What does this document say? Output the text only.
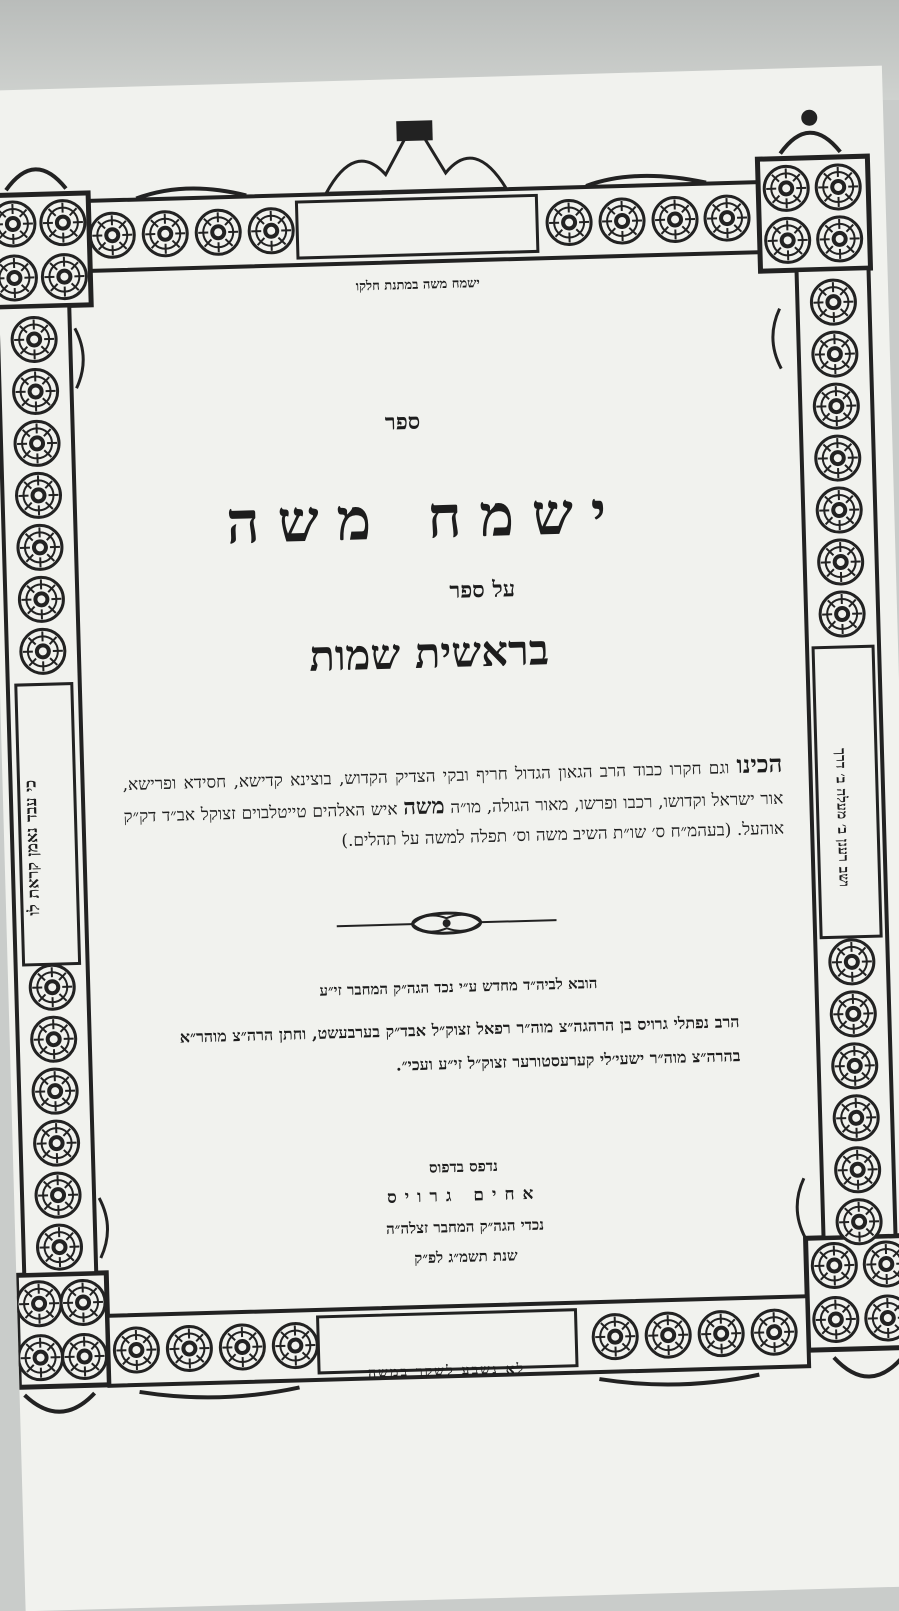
ישמח משה במתנת חלקו
לא נשבע לשקר במשה
כי עבד נאמן קראת לו	ושב רענן ב׳ מעלה ב׳ דרך
ספר
ישמח משה
על ספר
בראשית שמות
הכינו וגם חקרו כבוד הרב הגאון הגדול חריף ובקי הצדיק הקדוש, בוצינא קדישא, חסידא ופרישא, אור ישראל וקדושו, רכבו ופרשו, מאור הגולה, מו״ה משה איש האלהים טייטלבוים זצוקל אב״ד דק״ק אוהעל. (בעהמ״ח ס׳ שו״ת השיב משה וס׳ תפלה למשה על תהלים.)
הובא לביה״ד מחדש ע״י נכד הגה״ק המחבר זי״ע
הרב נפתלי גרויס בן הרהגה״צ מוה״ר רפאל זצוק״ל אבד״ק בערבעשט, וחתן הרה״צ מוהר״א בהרה״צ מוה״ר ישעי׳לי קערעסטורער זצוק״ל זי״ע ועכי״.
נדפס בדפוס
אחים גרויס
נכדי הגה״ק המחבר זצלה״ה
שנת תשמ״ג לפ״ק
